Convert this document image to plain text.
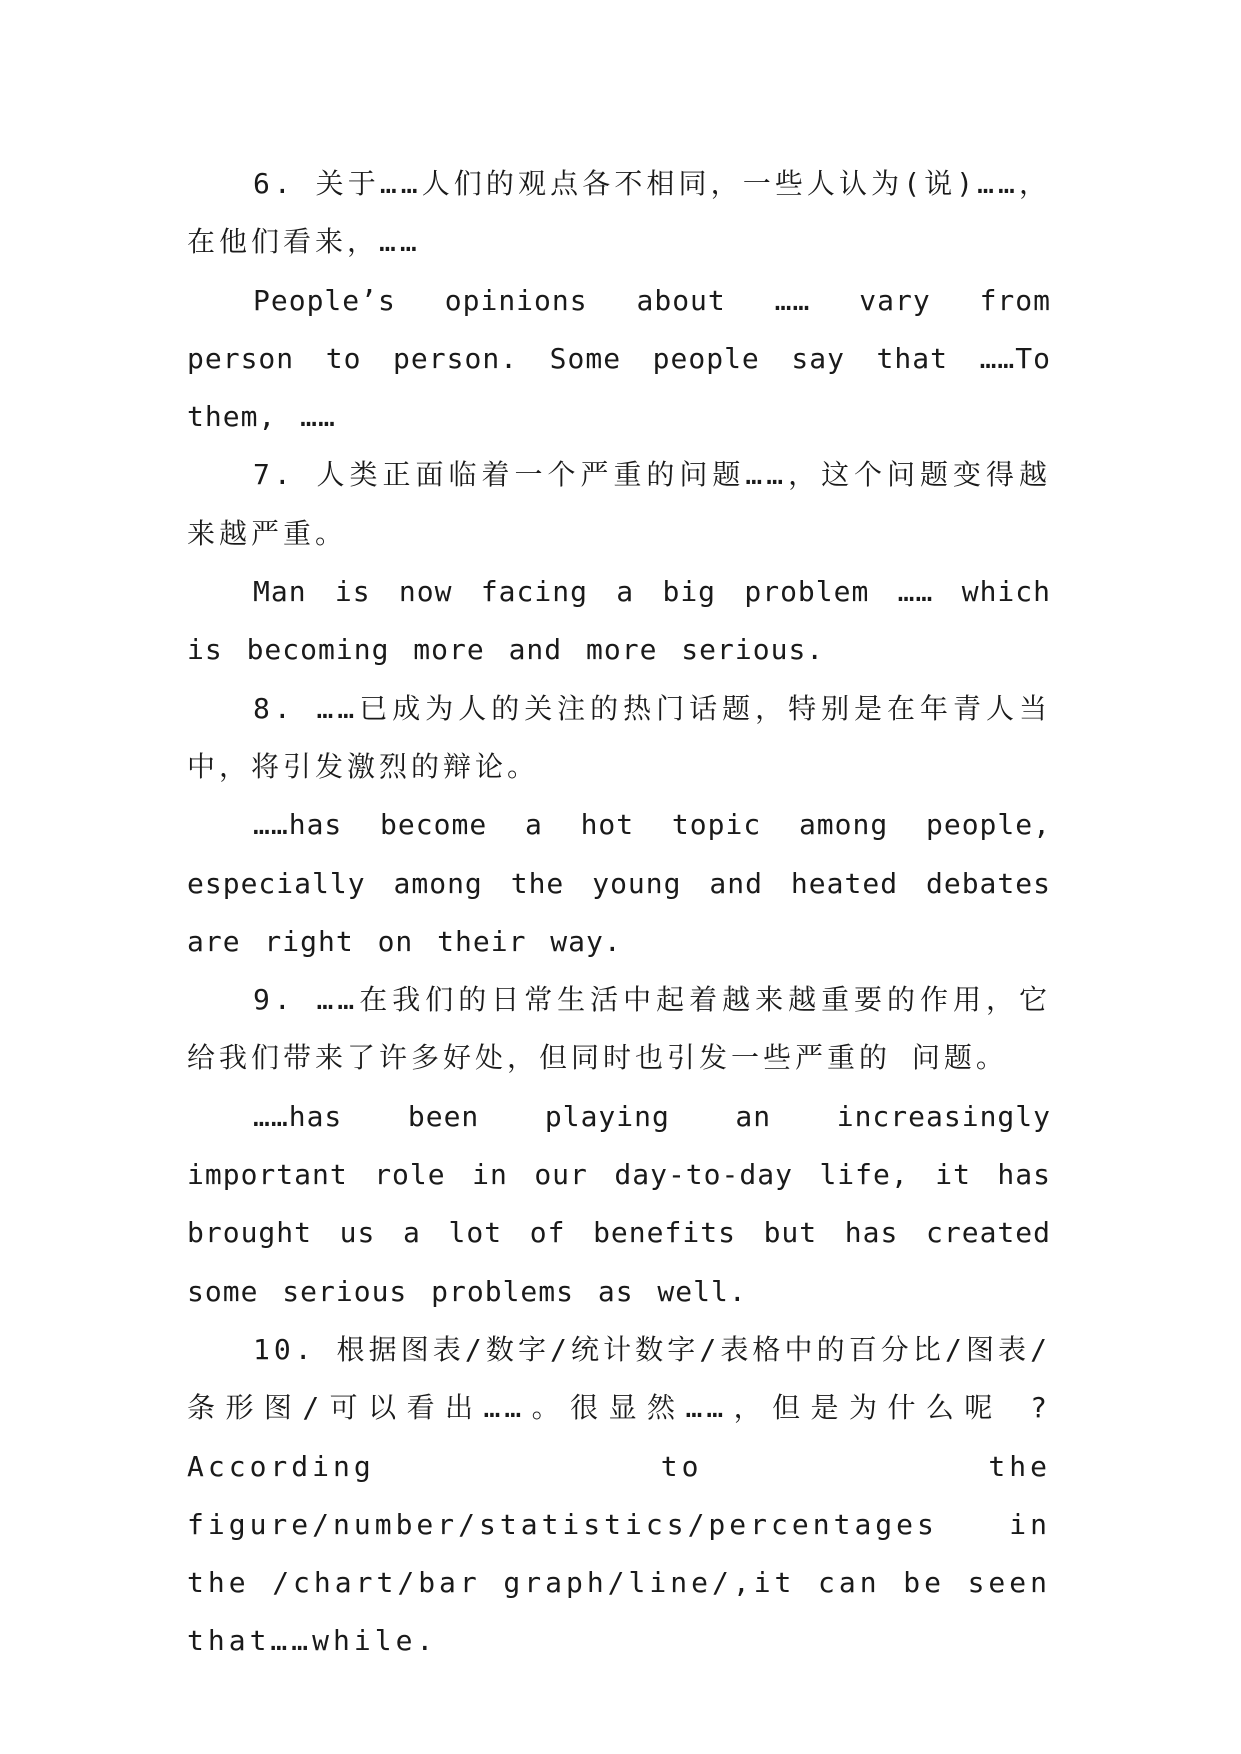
6. 关于……人们的观点各不相同，一些人认为(说)……，在他们看来，……

People’s opinions about …… vary from person to person. Some people say that ……To them, ……

7. 人类正面临着一个严重的问题……，这个问题变得越来越严重。

Man is now facing a big problem …… which is becoming more and more serious.

8. ……已成为人的关注的热门话题，特别是在年青人当中，将引发激烈的辩论。

……has become a hot topic among people, especially among the young and heated debates are right on their way.

9. ……在我们的日常生活中起着越来越重要的作用，它给我们带来了许多好处，但同时也引发一些严重的 问题。

……has been playing an increasingly important role in our day-to-day life, it has brought us a lot of benefits but has created some serious problems as well.

10. 根据图表/数字/统计数字/表格中的百分比/图表/条形图/可以看出……。很显然……，但是为什么呢 ?According to the figure/number/statistics/percentages in the /chart/bar graph/line/,it can be seen that……while.
